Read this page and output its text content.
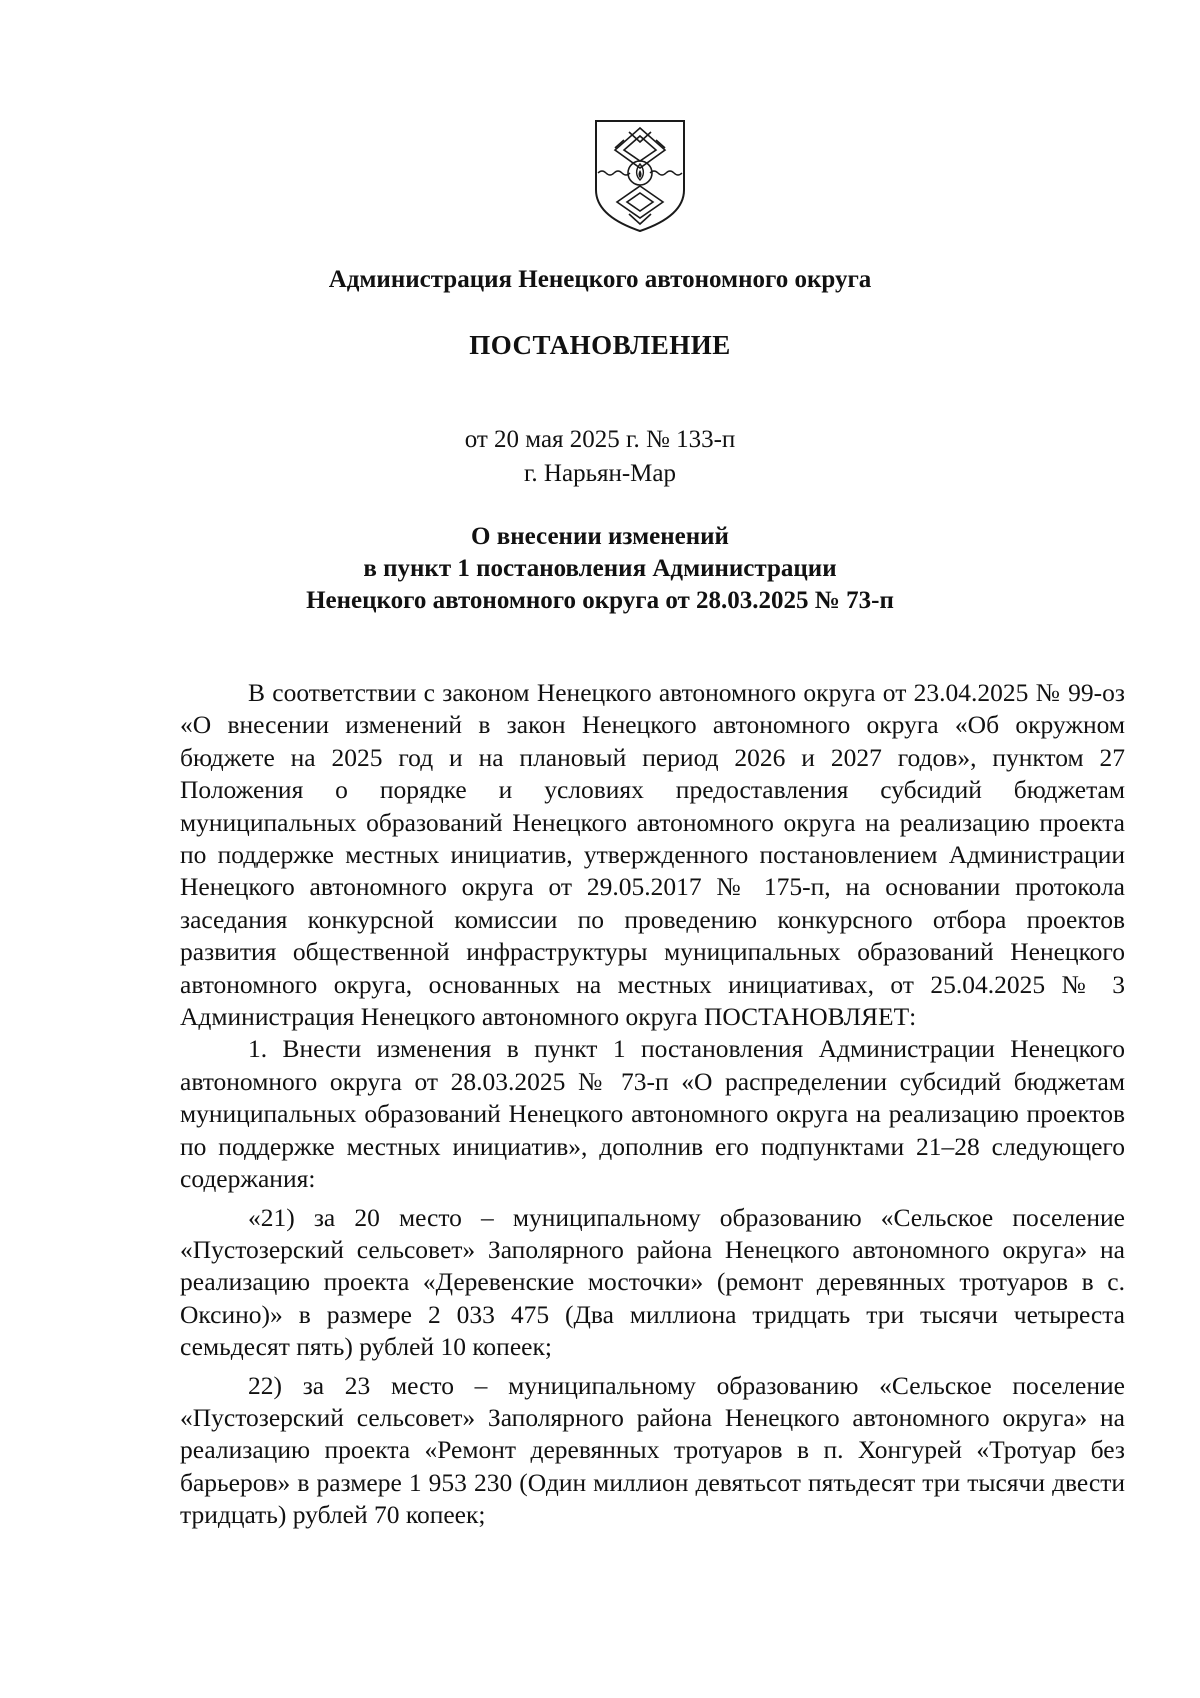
Администрация Ненецкого автономного округа
ПОСТАНОВЛЕНИЕ
от 20 мая 2025 г. № 133-п
г. Нарьян-Мар
О внесении изменений
в пункт 1 постановления Администрации
Ненецкого автономного округа от 28.03.2025 № 73-п

В соответствии с законом Ненецкого автономного округа от 23.04.2025 № 99-оз «О внесении изменений в закон Ненецкого автономного округа «Об окружном бюджете на 2025 год и на плановый период 2026 и 2027 годов», пунктом 27 Положения о порядке и условиях предоставления субсидий бюджетам муниципальных образований Ненецкого автономного округа на реализацию проекта по поддержке местных инициатив, утвержденного постановлением Администрации Ненецкого автономного округа от 29.05.2017 № 175-п, на основании протокола заседания конкурсной комиссии по проведению конкурсного отбора проектов развития общественной инфраструктуры муниципальных образований Ненецкого автономного округа, основанных на местных инициативах, от 25.04.2025 № 3 Администрация Ненецкого автономного округа ПОСТАНОВЛЯЕТ:

1. Внести изменения в пункт 1 постановления Администрации Ненецкого автономного округа от 28.03.2025 № 73-п «О распределении субсидий бюджетам муниципальных образований Ненецкого автономного округа на реализацию проектов по поддержке местных инициатив», дополнив его подпунктами 21–28 следующего содержания:

«21) за 20 место – муниципальному образованию «Сельское поселение «Пустозерский сельсовет» Заполярного района Ненецкого автономного округа» на реализацию проекта «Деревенские мосточки» (ремонт деревянных тротуаров в с. Оксино)» в размере 2 033 475 (Два миллиона тридцать три тысячи четыреста семьдесят пять) рублей 10 копеек;

22) за 23 место – муниципальному образованию «Сельское поселение «Пустозерский сельсовет» Заполярного района Ненецкого автономного округа» на реализацию проекта «Ремонт деревянных тротуаров в п. Хонгурей «Тротуар без барьеров» в размере 1 953 230 (Один миллион девятьсот пятьдесят три тысячи двести тридцать) рублей 70 копеек;
